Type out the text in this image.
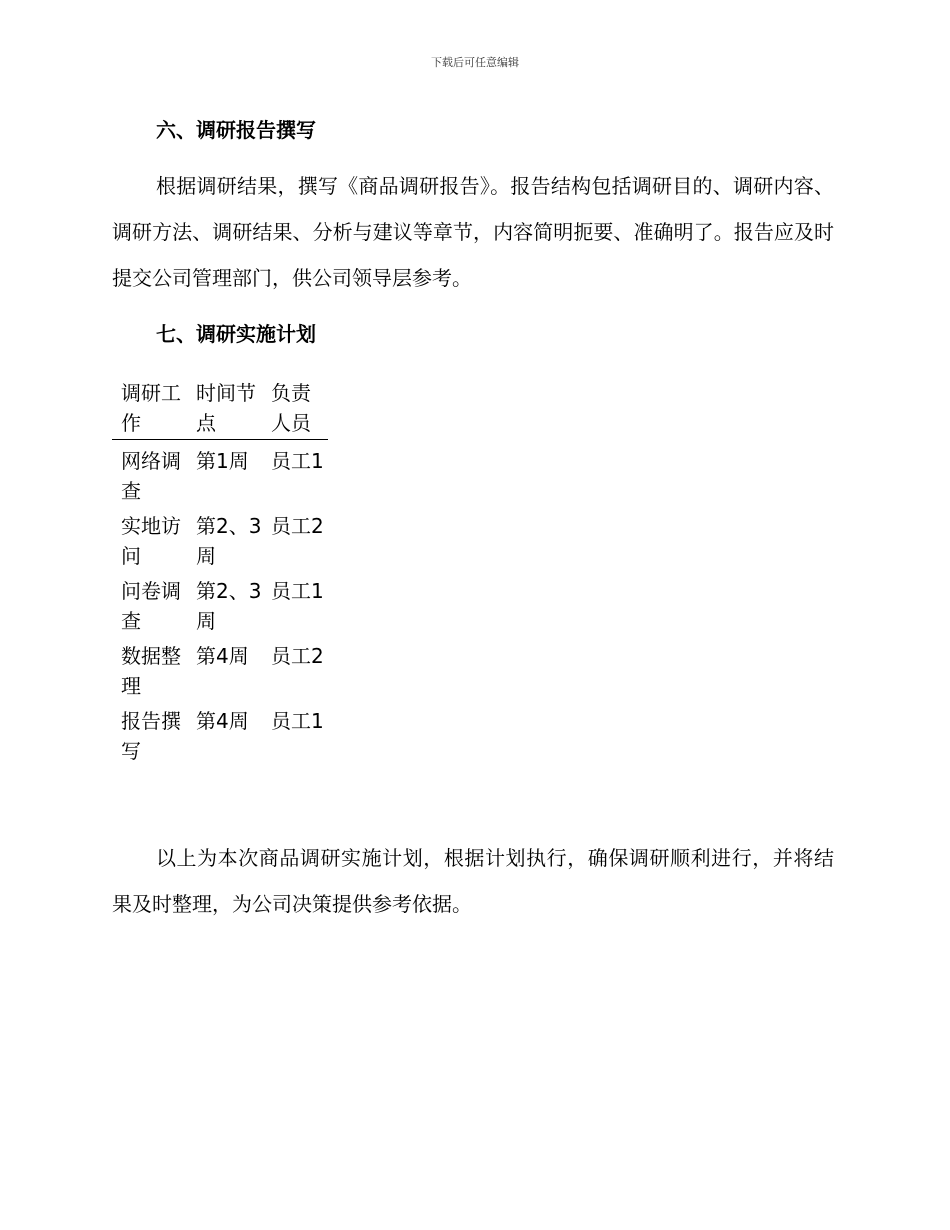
下载后可任意编辑
六、调研报告撰写

根据调研结果，撰写《商品调研报告》。报告结构包括调研目的、调研内容、调研方法、调研结果、分析与建议等章节，内容简明扼要、准确明了。报告应及时提交公司管理部门，供公司领导层参考。

七、调研实施计划
调研工作	时间节点	负责人员

网络调查	第1周	员工1

实地访问	第2、3周	员工2

问卷调查	第2、3周	员工1

数据整理	第4周	员工2

报告撰写	第4周	员工1

以上为本次商品调研实施计划，根据计划执行，确保调研顺利进行，并将结果及时整理，为公司决策提供参考依据。
